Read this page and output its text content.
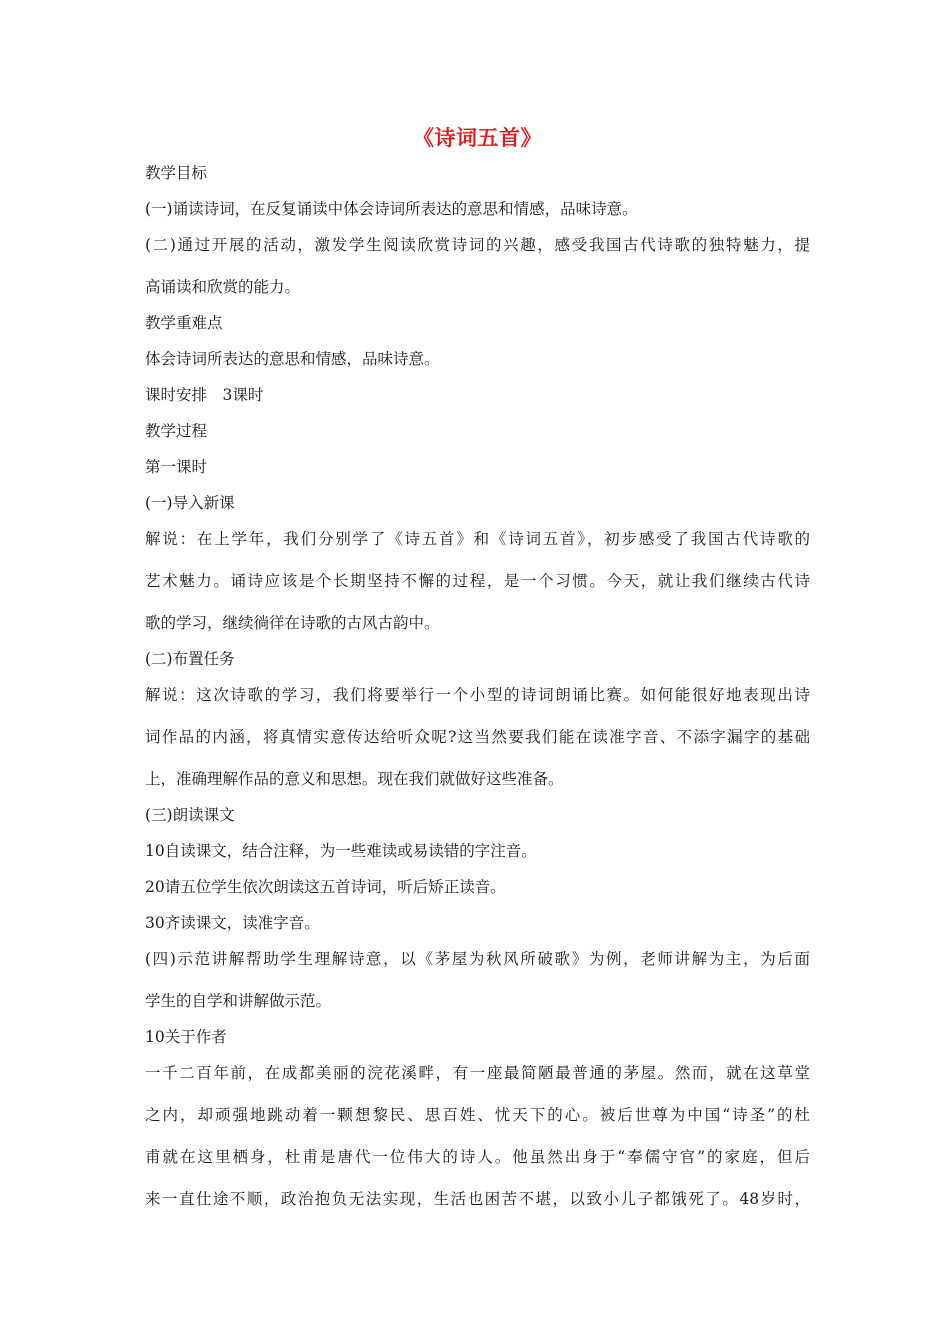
《诗词五首》
教学目标
(一)诵读诗词，在反复诵读中体会诗词所表达的意思和情感，品味诗意。
(二)通过开展的活动，激发学生阅读欣赏诗词的兴趣，感受我国古代诗歌的独特魅力，提
高诵读和欣赏的能力。
教学重难点
体会诗词所表达的意思和情感，品味诗意。
课时安排　3课时
教学过程
第一课时
(一)导入新课
解说：在上学年，我们分别学了《诗五首》和《诗词五首》，初步感受了我国古代诗歌的
艺术魅力。诵诗应该是个长期坚持不懈的过程，是一个习惯。今天，就让我们继续古代诗
歌的学习，继续徜徉在诗歌的古风古韵中。
(二)布置任务
解说：这次诗歌的学习，我们将要举行一个小型的诗词朗诵比赛。如何能很好地表现出诗
词作品的内涵，将真情实意传达给听众呢?这当然要我们能在读准字音、不添字漏字的基础
上，准确理解作品的意义和思想。现在我们就做好这些准备。
(三)朗读课文
10自读课文，结合注释，为一些难读或易读错的字注音。
20请五位学生依次朗读这五首诗词，听后矫正读音。
30齐读课文，读准字音。
(四)示范讲解帮助学生理解诗意，以《茅屋为秋风所破歌》为例，老师讲解为主，为后面
学生的自学和讲解做示范。
10关于作者
一千二百年前，在成都美丽的浣花溪畔，有一座最简陋最普通的茅屋。然而，就在这草堂
之内，却顽强地跳动着一颗想黎民、思百姓、忧天下的心。被后世尊为中国“诗圣”的杜
甫就在这里栖身，杜甫是唐代一位伟大的诗人。他虽然出身于“奉儒守官”的家庭，但后
来一直仕途不顺，政治抱负无法实现，生活也困苦不堪，以致小儿子都饿死了。48岁时，
